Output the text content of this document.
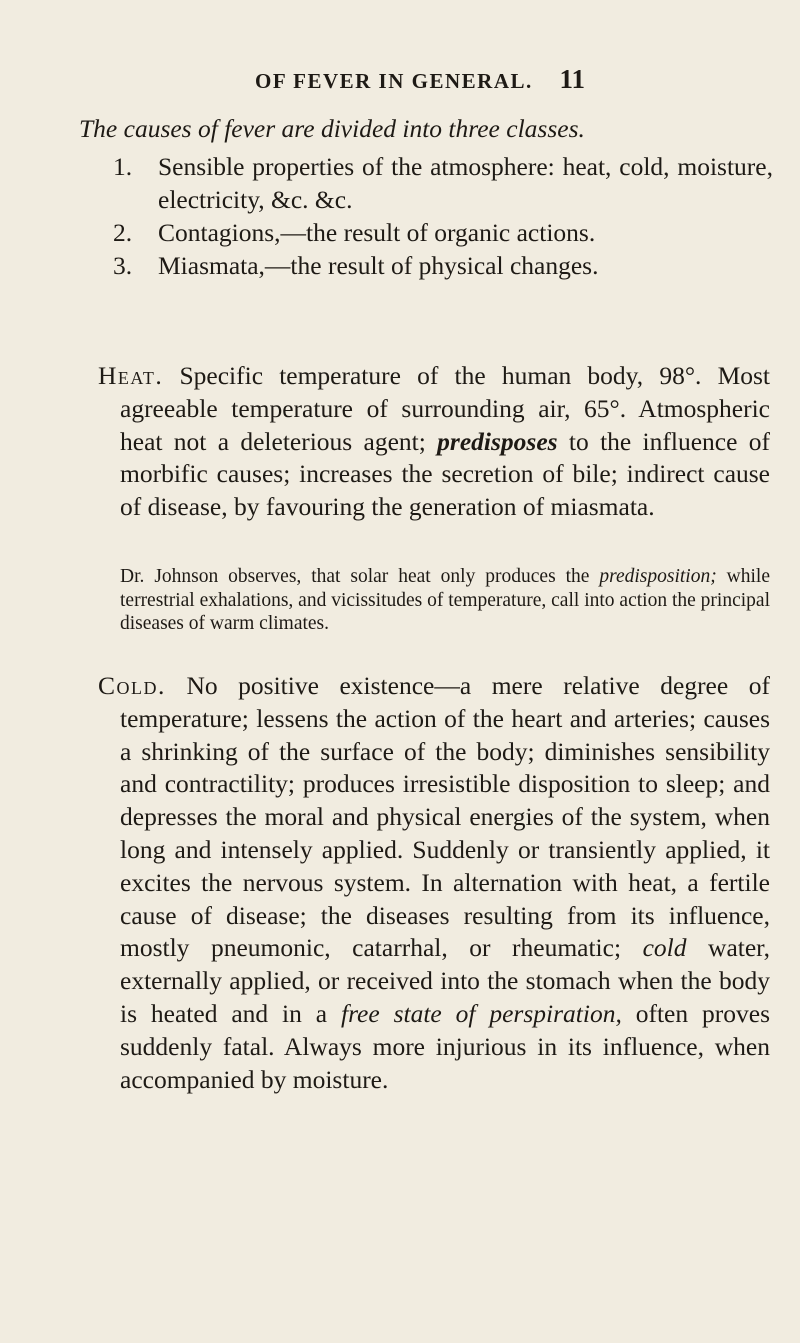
OF FEVER IN GENERAL. 11
The causes of fever are divided into three classes.
1. Sensible properties of the atmosphere: heat, cold, moisture, electricity, &c. &c.
2. Contagions,—the result of organic actions.
3. Miasmata,—the result of physical changes.

Heat. Specific temperature of the human body, 98°. Most agreeable temperature of surrounding air, 65°. Atmospheric heat not a deleterious agent; predisposes to the influence of morbific causes; increases the secretion of bile; indirect cause of disease, by favouring the generation of miasmata.

Dr. Johnson observes, that solar heat only produces the predisposition; while terrestrial exhalations, and vicissitudes of temperature, call into action the principal diseases of warm climates.

Cold. No positive existence—a mere relative degree of temperature; lessens the action of the heart and arteries; causes a shrinking of the surface of the body; diminishes sensibility and contractility; produces irresistible disposition to sleep; and depresses the moral and physical energies of the system, when long and intensely applied. Suddenly or transiently applied, it excites the nervous system. In alternation with heat, a fertile cause of disease; the diseases resulting from its influence, mostly pneumonic, catarrhal, or rheumatic; cold water, externally applied, or received into the stomach when the body is heated and in a free state of perspiration, often proves suddenly fatal. Always more injurious in its influence, when accompanied by moisture.
